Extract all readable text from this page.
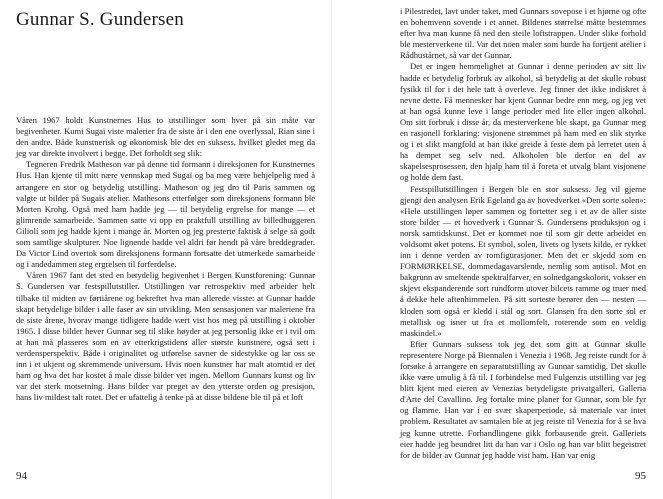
Gunnar S. Gundersen

Våren 1967 holdt Kunstnernes Hus to utstillinger som hver på sin måte var begivenheter. Kumi Sugaï viste malerier fra de siste år i den ene overlyssal, Rian sine i den andre. Både kunstnerisk og økonomisk ble det en suksess, hvilket gledet meg da jeg var direkte involvert i begge. Det forholdt seg slik:

Tegneren Fredrik Matheson var på denne tid formann i direksjonen for Kunstnernes Hus. Han kjente til mitt nære vennskap med Sugaï og ba meg være behjelpelig med å arrangere en stor og betydelig utstilling. Matheson og jeg dro til Paris sammen og valgte ut bilder på Sugaïs atelier. Mathesons etterfølger som direksjonens formann ble Morten Krohg. Også med ham hadde jeg — til betydelig ergrelse for mange — et glimrende samarbeide. Sammen satte vi opp en praktfull utstilling av billedhuggeren Giliolí som jeg hadde kjent i mange år. Morten og jeg presterte faktisk å selge så godt som samtlige skulpturer. Noe lignende hadde vel aldri før hendt på våre breddegrader. Da Victor Lind overtok som direksjonens formann fortsatte det utmerkede samarbeide og i andedammen steg ergrelsen til forferdelse.

Våren 1967 fant det sted en betydelig begivenhet i Bergen Kunstforening: Gunnar S. Gundersen var festspillutstiller. Utstillingen var retrospektiv med arbeider helt tilbake til midten av førtiårene og bekreftet hva man allerede visste: at Gunnar hadde skapt betydelige bilder i alle faser av sin utvikling. Men sensasjonen var maleriene fra de siste årene, hvorav mange tidligere hadde vært vist hos meg på utstilling i oktober 1965. I disse bilder hever Gunnar seg til slike høyder at jeg personlig ikke er i tvil om at han må plasseres som en av etterkrigstidens aller største kunstnere, også sett i verdensperspektiv. Både i originalitet og utførelse savner de sidestykke og lar oss se inn i et ukjent og skremmende universum. Hvis noen kunstner har malt atomtid er det ham og hva det har kostet å male disse bilder vet ingen. Mellom Gunnars kunst og liv var det sterk motsetning. Hans bilder var preget av den ytterste orden og presisjon, hans liv mildest talt rotet. Det er ufattelig å tenke på at disse bildene ble til på et loft

94

i Pilestredet, lavt under taket, med Gunnars sovepose i et hjørne og ofte en bohemvenn sovende i et annet. Bildenes størrelse måtte bestemmes efter hva man kunne få ned den steile loftstrappen. Under slike forhold ble mesterverkene til. Var det noen maler som burde ha fortjent atelier i Rådhustårnet, så var det Gunnar.

Det er ingen hemmelighet at Gunnar i denne perioden av sitt liv hadde et betydelig forbruk av alkohol, så betydelig at det skulle robust fysikk til for i det hele tatt å overleve. Jeg finner det ikke indiskret å nevne dette. Få mennesker har kjent Gunnar bedre enn meg, og jeg vet at han også kunne leve i lange perioder med lite eller ingen alkohol. Om sitt forbruk i disse år, da mesterverkene ble skapt, ga Gunnar meg en rasjonell forklaring: visjonene strømmet på ham med en slik styrke og i et slikt mangfold at han ikke greide å feste dem på lerretet uten å ha dempet seg selv ned. Alkoholen ble derfor en del av skapelsesprosessen, den hjalp ham til å foreta et utvalg blant visjonene og holde dem fast.

Festspillutstillingen i Bergen ble en stor suksess. Jeg vil gjerne gjengi den analysen Erik Egeland ga av hovedverket «Den sorte solen»: «Hele utstillingen løper sammen og fortetter seg i et av de aller siste store bilder — et hovedverk i Gunnar S. Gundersens produksjon og i norsk samtidskunst. Det er kommet noe til som gir dette arbeidet en voldsomt øket potens. Et symbol, solen, livets og lysets kilde, er rykket inn i denne verden av romfigurasjoner. Men det er skjedd som en FORMØRKELSE, dommedagavarslende, nemlig som antisol. Mot en bakgrunn av smeltende spektralfarver, en solnedgangskolorit, vokser en skjevt ekspanderende sort rundform utover bilcets ramme og truer med å dekke hele aftenhimmelen. På sitt sorteste berører den — nesten — kloden som også er kledd i stål og sort. Glansen fra den sorte sol er metallisk og isner ut fra et mollomfelt, roterende som en veldig maskindel.»

Efter Gunnars suksess tok jeg det som gitt at Gunnar skulle representere Norge på Biennalen i Venezia i 1968. Jeg reiste rundt for å forsøke å arrangere en separatutstilling av Gunnar samtidig. Det skulle ikke være umulig å få til. I forbindelse med Fulgenzis utstilling var jeg blitt kjent med eieren av Venezias betydeligste privatgalleri, Galleria d'Arte del Cavallino. Jeg fortalte mine planer for Gunnar, som ble fyr og flamme. Han var i en svær skaperperiode, så materiale var intet problem. Resultatet av samtalen ble at jeg reiste til Venezia for å se hva jeg kunne utrette. Forhandlingene gikk forbausende greit. Galleriets eier hadde jeg beundret litt da han var i Oslo og han var blitt begeistret for de bilder av Gunnar jeg hadde vist ham. Han var enig

95
